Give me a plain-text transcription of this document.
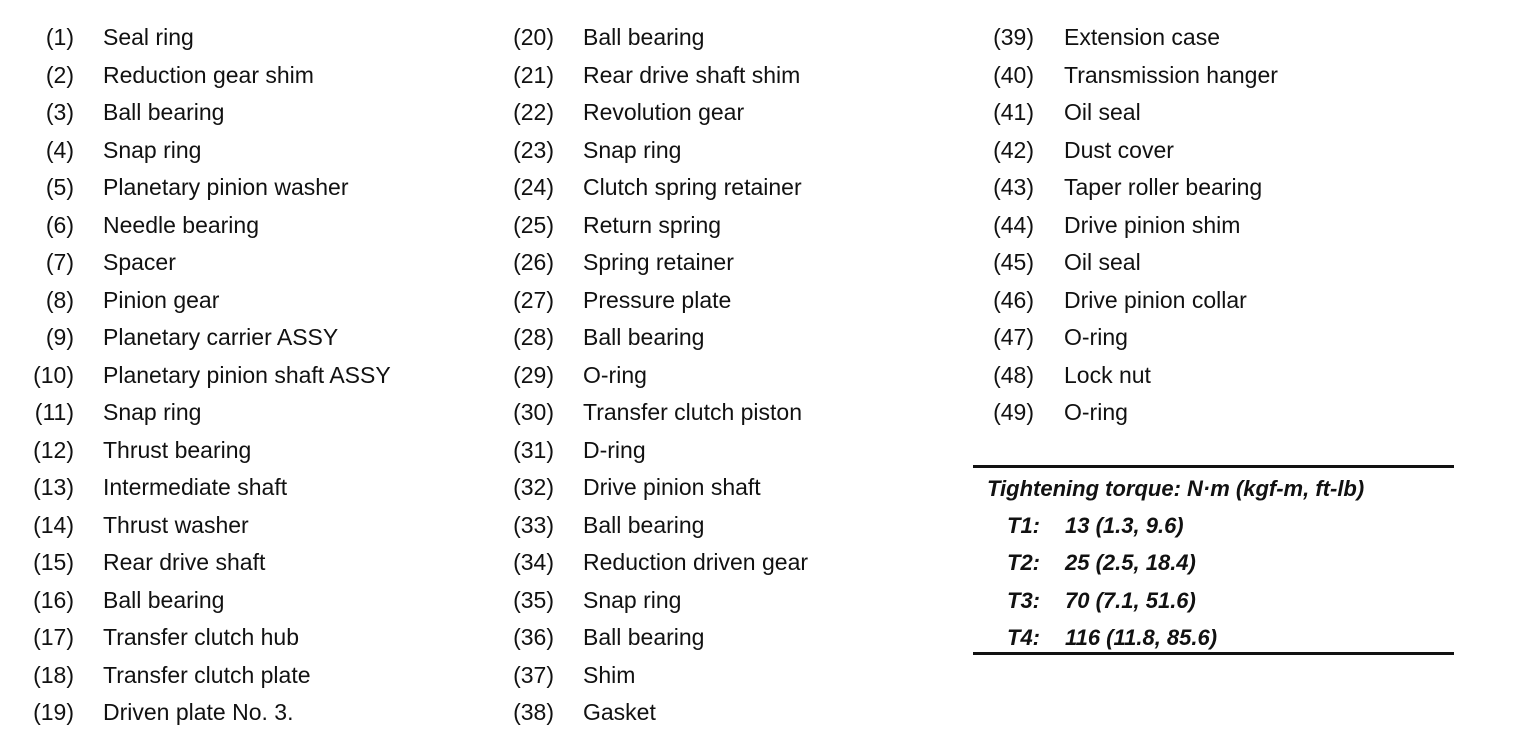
(1) Seal ring
(2) Reduction gear shim
(3) Ball bearing
(4) Snap ring
(5) Planetary pinion washer
(6) Needle bearing
(7) Spacer
(8) Pinion gear
(9) Planetary carrier ASSY
(10) Planetary pinion shaft ASSY
(11) Snap ring
(12) Thrust bearing
(13) Intermediate shaft
(14) Thrust washer
(15) Rear drive shaft
(16) Ball bearing
(17) Transfer clutch hub
(18) Transfer clutch plate
(19) Driven plate No. 3.
(20) Ball bearing
(21) Rear drive shaft shim
(22) Revolution gear
(23) Snap ring
(24) Clutch spring retainer
(25) Return spring
(26) Spring retainer
(27) Pressure plate
(28) Ball bearing
(29) O-ring
(30) Transfer clutch piston
(31) D-ring
(32) Drive pinion shaft
(33) Ball bearing
(34) Reduction driven gear
(35) Snap ring
(36) Ball bearing
(37) Shim
(38) Gasket
(39) Extension case
(40) Transmission hanger
(41) Oil seal
(42) Dust cover
(43) Taper roller bearing
(44) Drive pinion shim
(45) Oil seal
(46) Drive pinion collar
(47) O-ring
(48) Lock nut
(49) O-ring
Tightening torque: N·m (kgf-m, ft-lb)
T1: 13 (1.3, 9.6)
T2: 25 (2.5, 18.4)
T3: 70 (7.1, 51.6)
T4: 116 (11.8, 85.6)
